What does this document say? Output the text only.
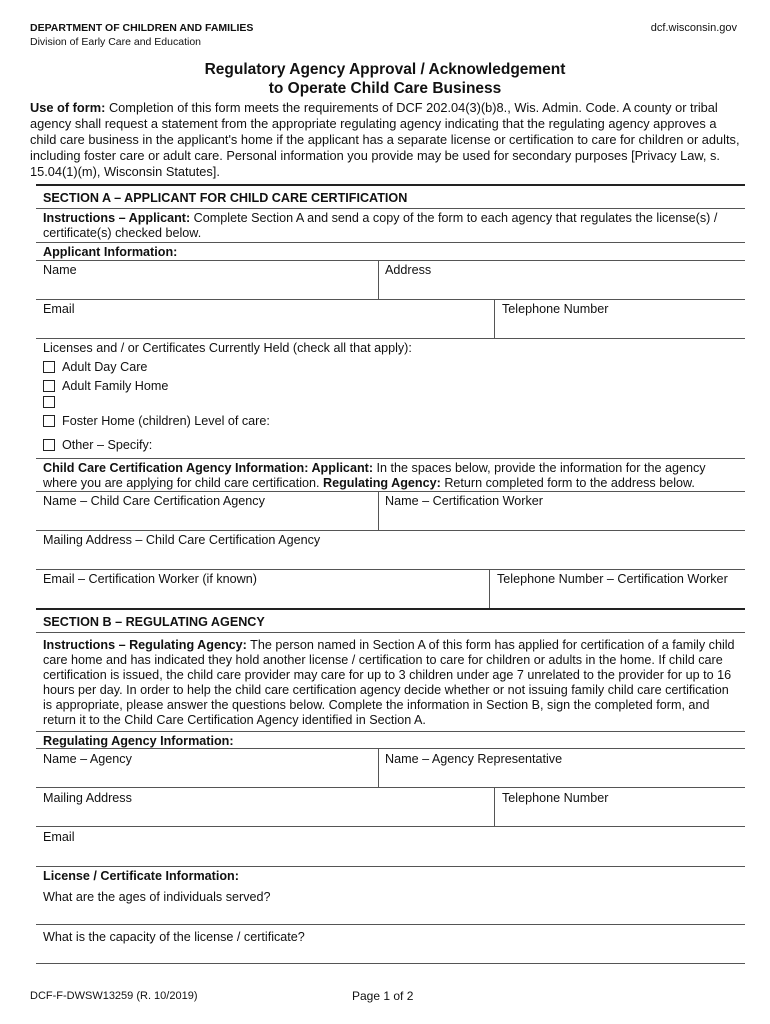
DEPARTMENT OF CHILDREN AND FAMILIES
Division of Early Care and Education
dcf.wisconsin.gov
Regulatory Agency Approval / Acknowledgement
to Operate Child Care Business
Use of form: Completion of this form meets the requirements of DCF 202.04(3)(b)8., Wis. Admin. Code. A county or tribal agency shall request a statement from the appropriate regulating agency indicating that the regulating agency approves a child care business in the applicant's home if the applicant has a separate license or certification to care for children or adults, including foster care or adult care. Personal information you provide may be used for secondary purposes [Privacy Law, s. 15.04(1)(m), Wisconsin Statutes].
SECTION A – APPLICANT FOR CHILD CARE CERTIFICATION
Instructions – Applicant: Complete Section A and send a copy of the form to each agency that regulates the license(s) / certificate(s) checked below.
Applicant Information:
Name	Address
Email	Telephone Number
Licenses and / or Certificates Currently Held (check all that apply):
Adult Day Care
Adult Family Home
Foster Home (children) Level of care:
Other – Specify:
Child Care Certification Agency Information: Applicant: In the spaces below, provide the information for the agency where you are applying for child care certification. Regulating Agency: Return completed form to the address below.
Name – Child Care Certification Agency	Name – Certification Worker
Mailing Address – Child Care Certification Agency
Email – Certification Worker (if known)	Telephone Number – Certification Worker
SECTION B – REGULATING AGENCY
Instructions – Regulating Agency: The person named in Section A of this form has applied for certification of a family child care home and has indicated they hold another license / certification to care for children or adults in the home. If child care certification is issued, the child care provider may care for up to 3 children under age 7 unrelated to the provider for up to 16 hours per day. In order to help the child care certification agency decide whether or not issuing family child care certification is appropriate, please answer the questions below. Complete the information in Section B, sign the completed form, and return it to the Child Care Certification Agency identified in Section A.
Regulating Agency Information:
Name – Agency	Name – Agency Representative
Mailing Address	Telephone Number
Email
License / Certificate Information:
What are the ages of individuals served?
What is the capacity of the license / certificate?
DCF-F-DWSW13259 (R. 10/2019)	Page 1 of 2
